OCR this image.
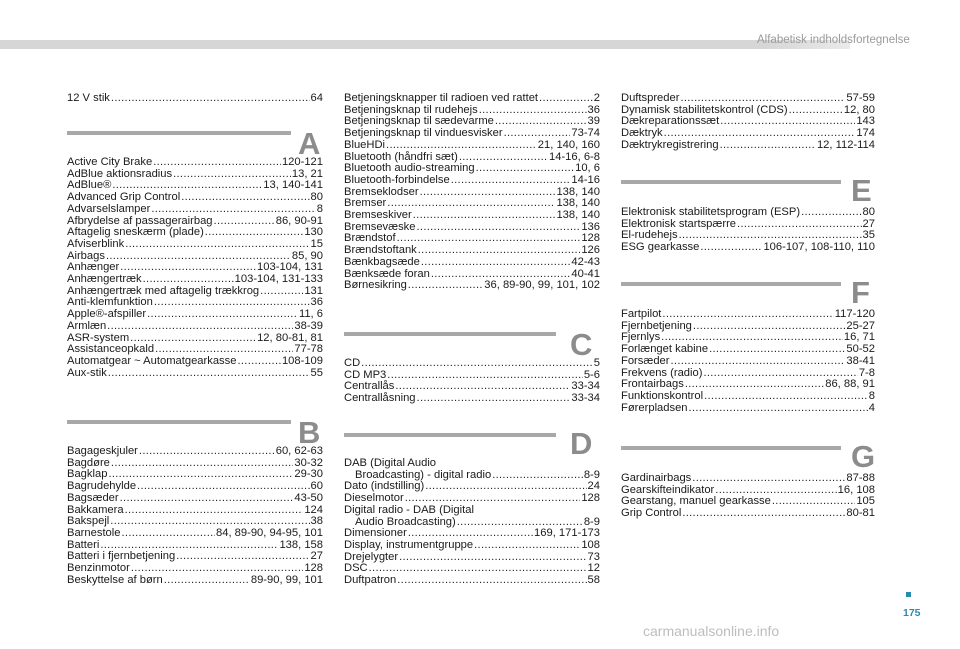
Alfabetisk indholdsfortegnelse
12 V stik .....	64
A
Active City Brake .....	120-121
AdBlue aktionsradius .....	13, 21
AdBlue® .....	13, 140-141
Advanced Grip Control .....	80
Advarselslamper .....	8
Afbrydelse af passagerairbag .....	86, 90-91
Aftagelig sneskærm (plade) .....	130
Afviserblink .....	15
Airbags .....	85, 90
Anhænger .....	103-104, 131
Anhængertræk .....	103-104, 131-133
Anhængertræk med aftagelig trækkrog .....	131
Anti-klemfunktion .....	36
Apple®-afspiller .....	11, 6
Armlæn .....	38-39
ASR-system .....	12, 80-81, 81
Assistanceopkald .....	77-78
Automatgear ~ Automatgearkasse .....	108-109
Aux-stik .....	55
B
Bagageskjuler .....	60, 62-63
Bagdøre .....	30-32
Bagklap .....	29-30
Bagrudehylde .....	60
Bagsæder .....	43-50
Bakkamera .....	124
Bakspejl .....	38
Barnestole .....	84, 89-90, 94-95, 101
Batteri .....	138, 158
Batteri i fjernbetjening .....	27
Benzinmotor .....	128
Beskyttelse af børn .....	89-90, 99, 101
Betjeningsknapper til radioen ved rattet .....	2
Betjeningsknap til rudehejs .....	36
Betjeningsknap til sædevarme .....	39
Betjeningsknap til vinduesvisker .....	73-74
BlueHDi .....	21, 140, 160
Bluetooth (håndfri sæt) .....	14-16, 6-8
Bluetooth audio-streaming .....	10, 6
Bluetooth-forbindelse .....	14-16
Bremseklodser .....	138, 140
Bremser .....	138, 140
Bremseskiver .....	138, 140
Bremsevæske .....	136
Brændstof .....	128
Brændstoftank .....	126
Bænkbagsæde .....	42-43
Bænksæde foran .....	40-41
Børnesikring .....	36, 89-90, 99, 101, 102
C
CD .....	5
CD MP3 .....	5-6
Centrallås .....	33-34
Centrallåsning .....	33-34
D
DAB (Digital Audio
Broadcasting) - digital radio .....	8-9
Dato (indstilling) .....	24
Dieselmotor .....	128
Digital radio - DAB (Digital
Audio Broadcasting) .....	8-9
Dimensioner .....	169, 171-173
Display, instrumentgruppe .....	108
Drejelygter .....	73
DSC .....	12
Duftpatron .....	58
Duftspreder .....	57-59
Dynamisk stabilitetskontrol (CDS) .....	12, 80
Dækreparationssæt .....	143
Dæktryk .....	174
Dæktrykregistrering .....	12, 112-114
E
Elektronisk stabilitetsprogram (ESP) .....	80
Elektronisk startspærre .....	27
El-rudehejs .....	35
ESG gearkasse .....	106-107, 108-110, 110
F
Fartpilot .....	117-120
Fjernbetjening .....	25-27
Fjernlys .....	16, 71
Forlænget kabine .....	50-52
Forsæder .....	38-41
Frekvens (radio) .....	7-8
Frontairbags .....	86, 88, 91
Funktionskontrol .....	8
Førerpladsen .....	4
G
Gardinairbags .....	87-88
Gearskifteindikator .....	16, 108
Gearstang, manuel gearkasse .....	105
Grip Control .....	80-81
175
carmanualsonline.info
